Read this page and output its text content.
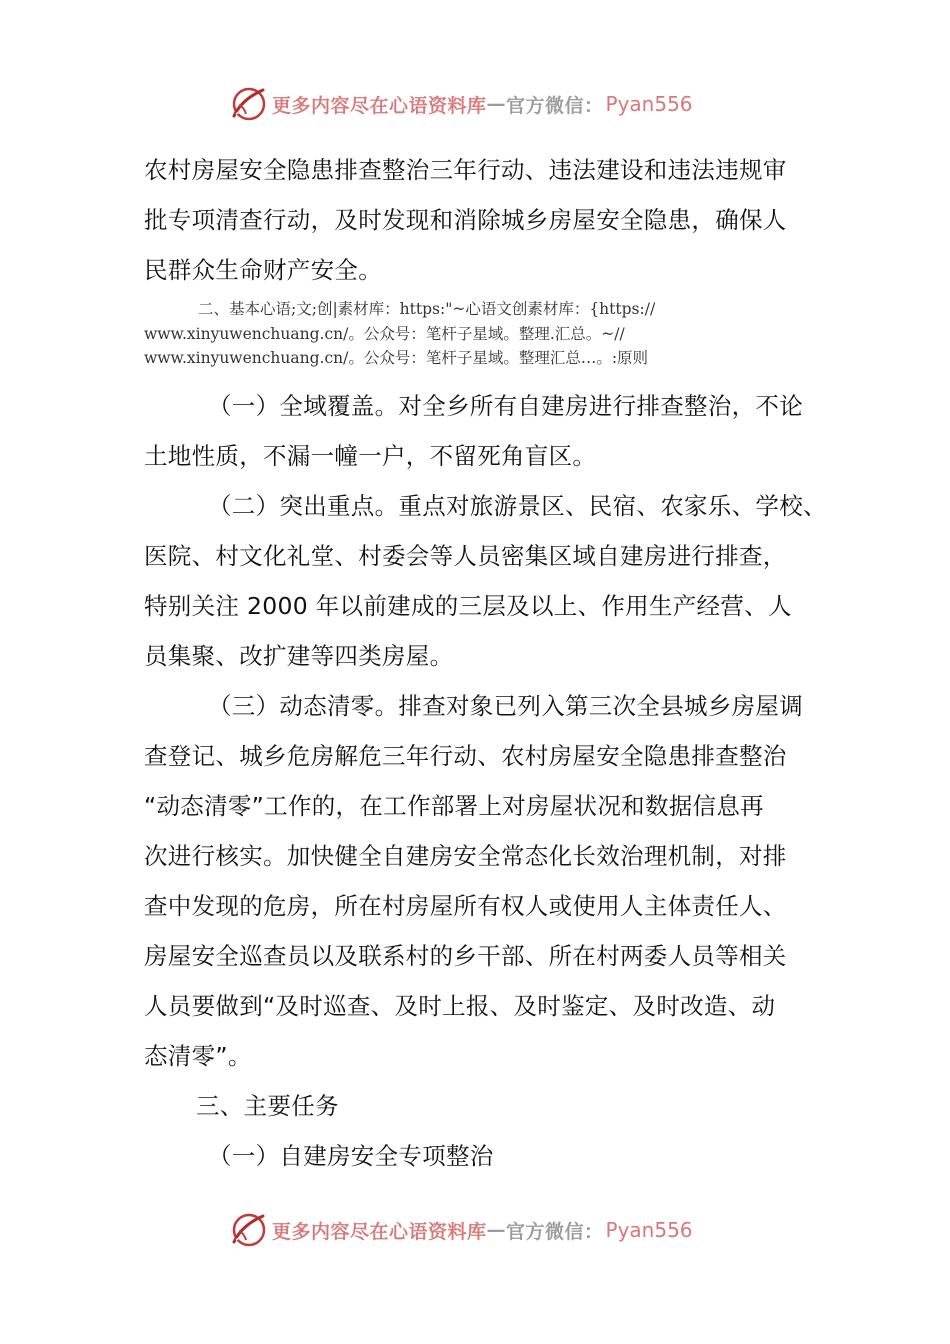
更多内容尽在心语资料库 — 官方微信： Pyan556

农村房屋安全隐患排查整治三年行动、违法建设和违法违规审

批专项清查行动，及时发现和消除城乡房屋安全隐患，确保人

民群众生命财产安全。

二、基本心语;文;创|素材库：https:"~心语文创素材库：{https://

www.xinyuwenchuang.cn/。公众号：笔杆子星域。整理.汇总。~//

www.xinyuwenchuang.cn/。公众号：笔杆子星域。整理汇总…。:原则

（一）全域覆盖。对全乡所有自建房进行排查整治，不论

土地性质，不漏一幢一户，不留死角盲区。

（二）突出重点。重点对旅游景区、民宿、农家乐、学校、

医院、村文化礼堂、村委会等人员密集区域自建房进行排查，

特别关注 2000 年以前建成的三层及以上、作用生产经营、人

员集聚、改扩建等四类房屋。

（三）动态清零。排查对象已列入第三次全县城乡房屋调

查登记、城乡危房解危三年行动、农村房屋安全隐患排查整治

“动态清零”工作的，在工作部署上对房屋状况和数据信息再

次进行核实。加快健全自建房安全常态化长效治理机制，对排

查中发现的危房，所在村房屋所有权人或使用人主体责任人、

房屋安全巡查员以及联系村的乡干部、所在村两委人员等相关

人员要做到“及时巡查、及时上报、及时鉴定、及时改造、动

态清零”。

三、主要任务

（一）自建房安全专项整治

更多内容尽在心语资料库 — 官方微信： Pyan556
